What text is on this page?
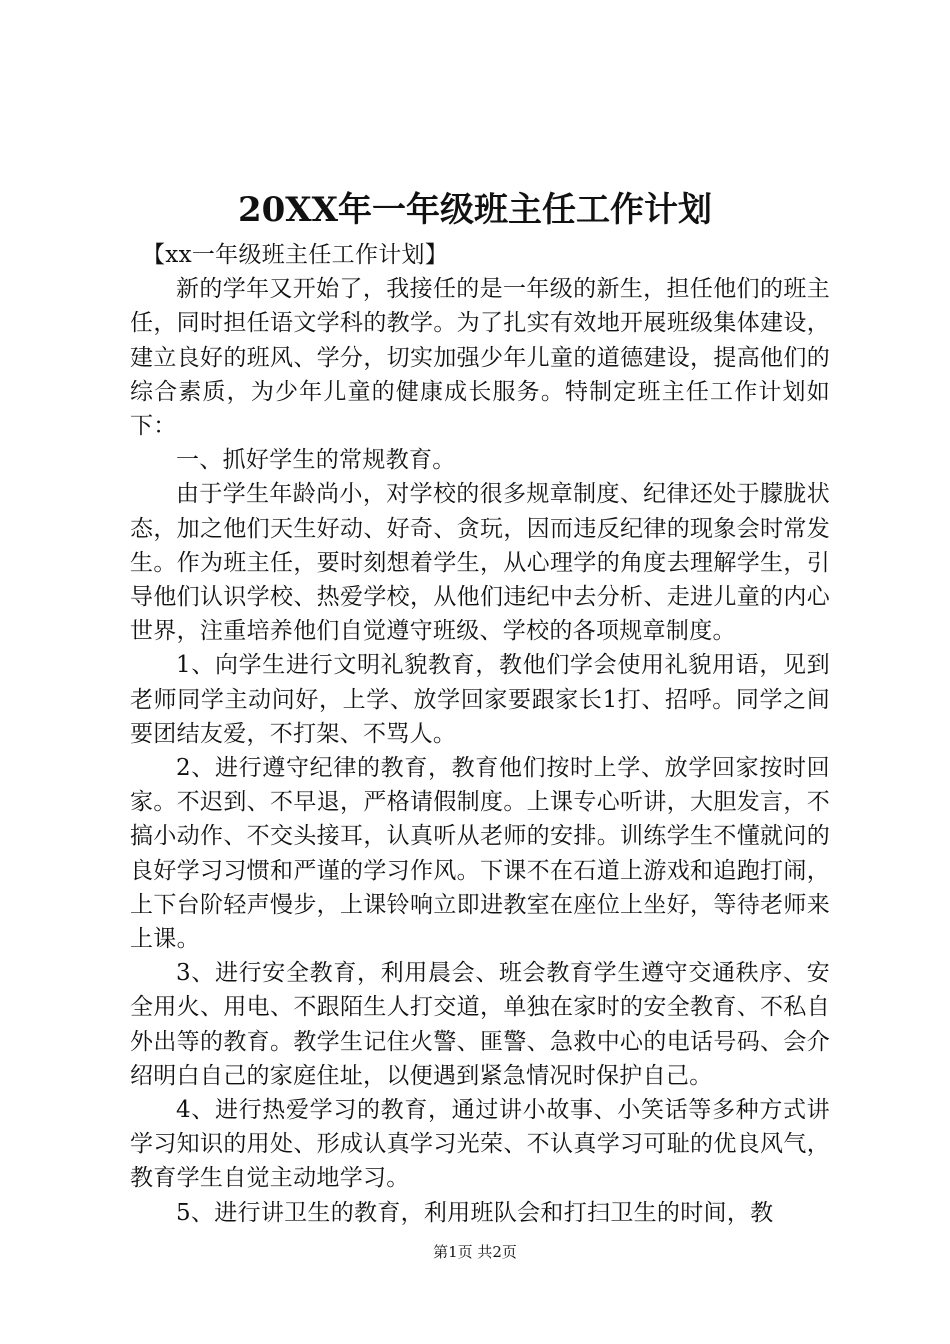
20XX年一年级班主任工作计划

【xx一年级班主任工作计划】

新的学年又开始了，我接任的是一年级的新生，担任他们的班主任，同时担任语文学科的教学。为了扎实有效地开展班级集体建设，建立良好的班风、学分，切实加强少年儿童的道德建设，提高他们的综合素质，为少年儿童的健康成长服务。特制定班主任工作计划如下：

一、抓好学生的常规教育。

由于学生年龄尚小，对学校的很多规章制度、纪律还处于朦胧状态，加之他们天生好动、好奇、贪玩，因而违反纪律的现象会时常发生。作为班主任，要时刻想着学生，从心理学的角度去理解学生，引导他们认识学校、热爱学校，从他们违纪中去分析、走进儿童的内心世界，注重培养他们自觉遵守班级、学校的各项规章制度。

1、向学生进行文明礼貌教育，教他们学会使用礼貌用语，见到老师同学主动问好，上学、放学回家要跟家长1打、招呼。同学之间要团结友爱，不打架、不骂人。

2、进行遵守纪律的教育，教育他们按时上学、放学回家按时回家。不迟到、不早退，严格请假制度。上课专心听讲，大胆发言，不搞小动作、不交头接耳，认真听从老师的安排。训练学生不懂就问的良好学习习惯和严谨的学习作风。下课不在石道上游戏和追跑打闹，上下台阶轻声慢步，上课铃响立即进教室在座位上坐好，等待老师来上课。

3、进行安全教育，利用晨会、班会教育学生遵守交通秩序、安全用火、用电、不跟陌生人打交道，单独在家时的安全教育、不私自外出等的教育。教学生记住火警、匪警、急救中心的电话号码、会介绍明白自己的家庭住址，以便遇到紧急情况时保护自己。

4、进行热爱学习的教育，通过讲小故事、小笑话等多种方式讲学习知识的用处、形成认真学习光荣、不认真学习可耻的优良风气，教育学生自觉主动地学习。

5、进行讲卫生的教育，利用班队会和打扫卫生的时间，教

第1页 共2页
